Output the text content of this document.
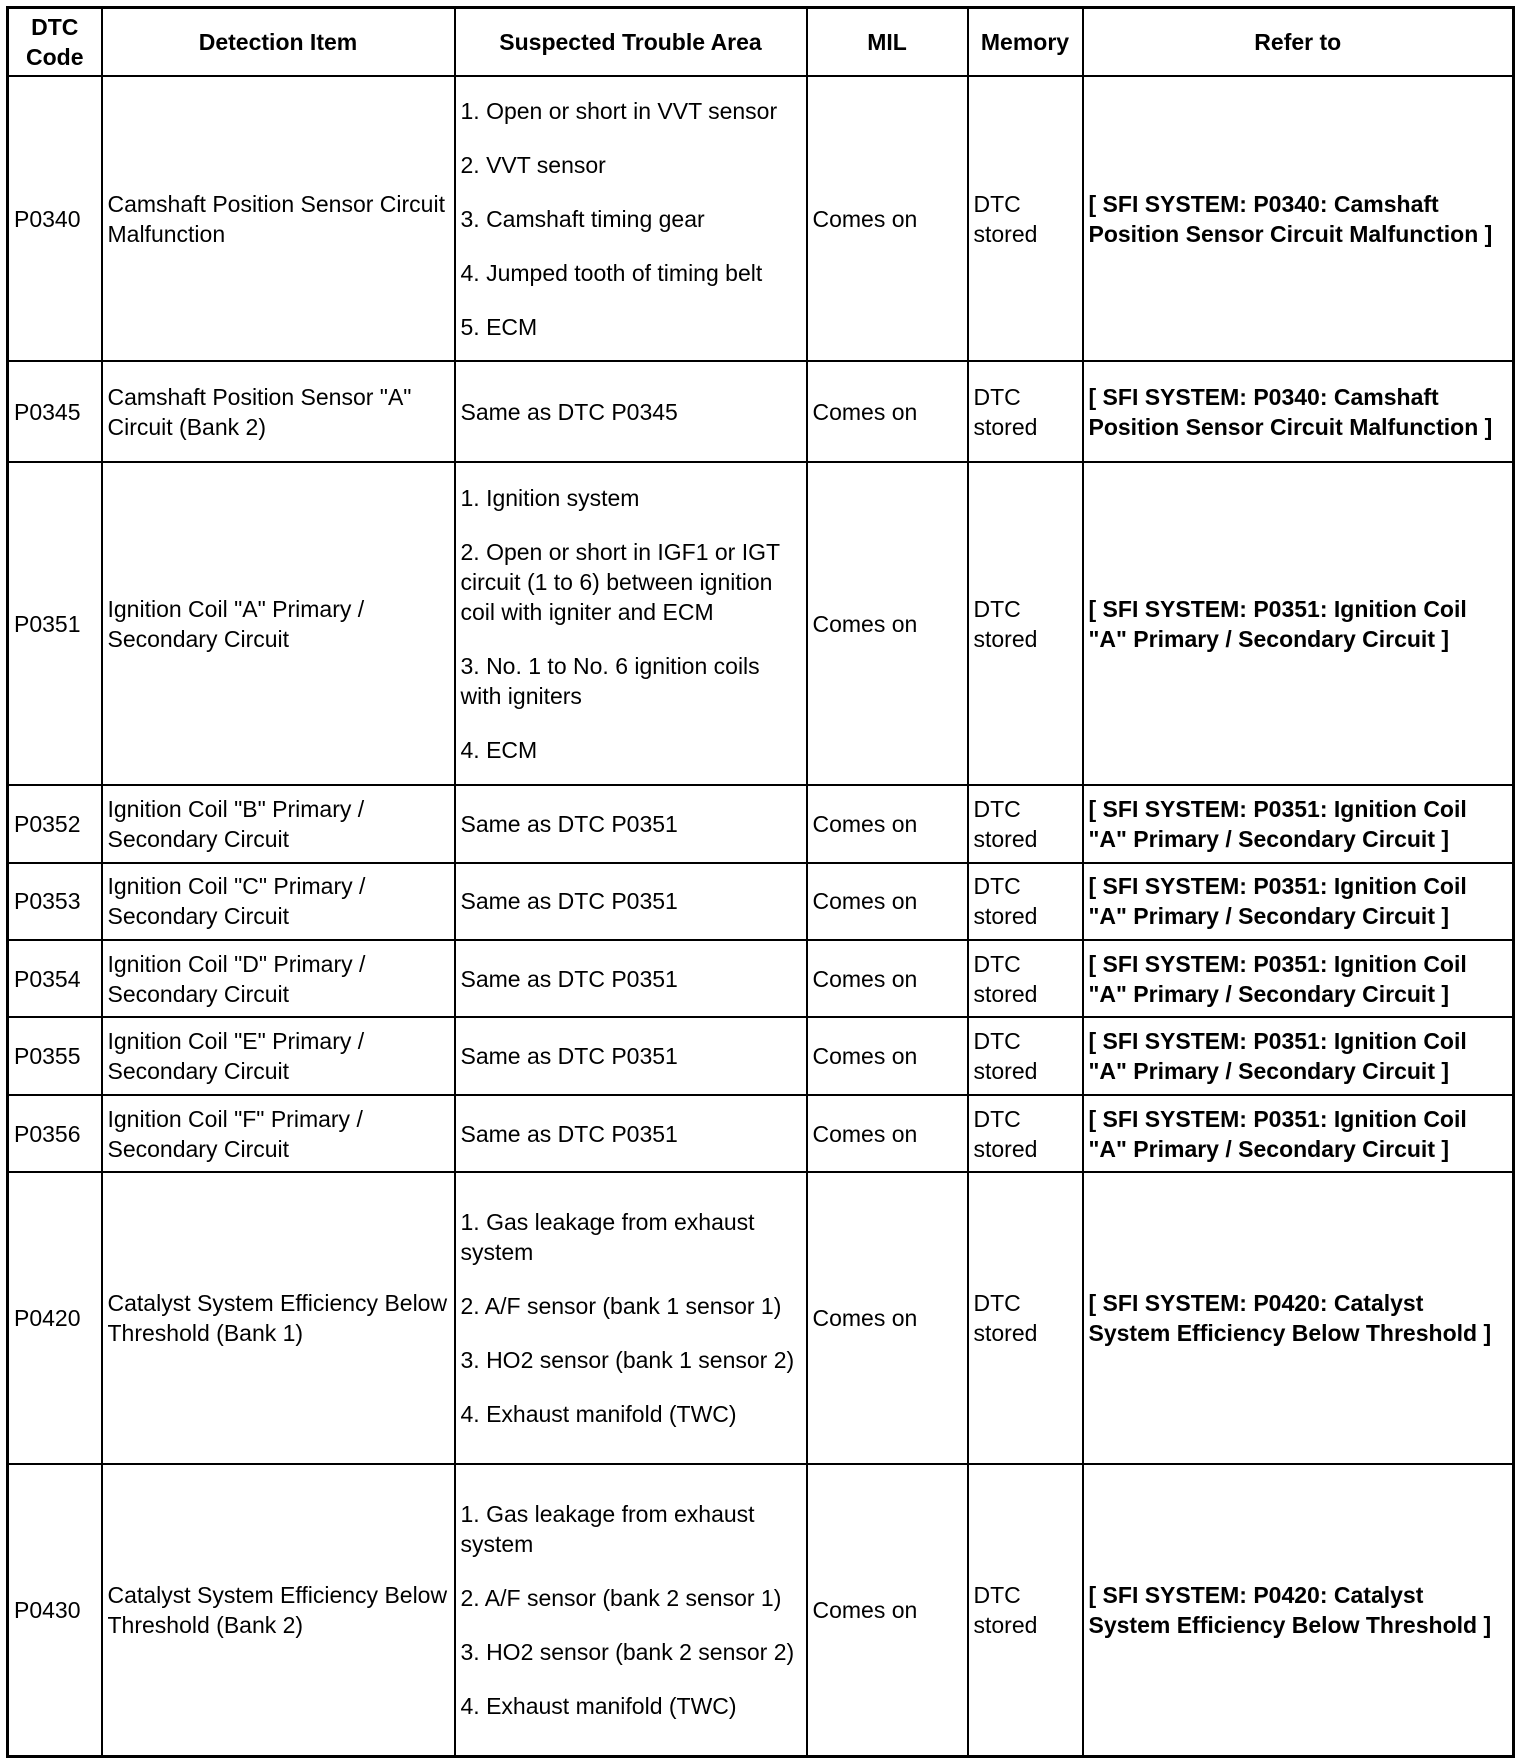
DTC
Code	Detection Item	Suspected Trouble Area	MIL	Memory	Refer to
P0340	Camshaft Position Sensor Circuit Malfunction	1. Open or short in VVT sensor
2. VVT sensor
3. Camshaft timing gear
4. Jumped tooth of timing belt
5. ECM	Comes on	DTC stored	[ SFI SYSTEM: P0340: Camshaft Position Sensor Circuit Malfunction ]
P0345	Camshaft Position Sensor "A" Circuit (Bank 2)	Same as DTC P0345	Comes on	DTC stored	[ SFI SYSTEM: P0340: Camshaft Position Sensor Circuit Malfunction ]
P0351	Ignition Coil "A" Primary / Secondary Circuit	1. Ignition system
2. Open or short in IGF1 or IGT circuit (1 to 6) between ignition coil with igniter and ECM
3. No. 1 to No. 6 ignition coils with igniters
4. ECM	Comes on	DTC stored	[ SFI SYSTEM: P0351: Ignition Coil "A" Primary / Secondary Circuit ]
P0352	Ignition Coil "B" Primary / Secondary Circuit	Same as DTC P0351	Comes on	DTC stored	[ SFI SYSTEM: P0351: Ignition Coil "A" Primary / Secondary Circuit ]
P0353	Ignition Coil "C" Primary / Secondary Circuit	Same as DTC P0351	Comes on	DTC stored	[ SFI SYSTEM: P0351: Ignition Coil "A" Primary / Secondary Circuit ]
P0354	Ignition Coil "D" Primary / Secondary Circuit	Same as DTC P0351	Comes on	DTC stored	[ SFI SYSTEM: P0351: Ignition Coil "A" Primary / Secondary Circuit ]
P0355	Ignition Coil "E" Primary / Secondary Circuit	Same as DTC P0351	Comes on	DTC stored	[ SFI SYSTEM: P0351: Ignition Coil "A" Primary / Secondary Circuit ]
P0356	Ignition Coil "F" Primary / Secondary Circuit	Same as DTC P0351	Comes on	DTC stored	[ SFI SYSTEM: P0351: Ignition Coil "A" Primary / Secondary Circuit ]
P0420	Catalyst System Efficiency Below Threshold (Bank 1)	1. Gas leakage from exhaust system
2. A/F sensor (bank 1 sensor 1)
3. HO2 sensor (bank 1 sensor 2)
4. Exhaust manifold (TWC)	Comes on	DTC stored	[ SFI SYSTEM: P0420: Catalyst System Efficiency Below Threshold ]
P0430	Catalyst System Efficiency Below Threshold (Bank 2)	1. Gas leakage from exhaust system
2. A/F sensor (bank 2 sensor 1)
3. HO2 sensor (bank 2 sensor 2)
4. Exhaust manifold (TWC)	Comes on	DTC stored	[ SFI SYSTEM: P0420: Catalyst System Efficiency Below Threshold ]
